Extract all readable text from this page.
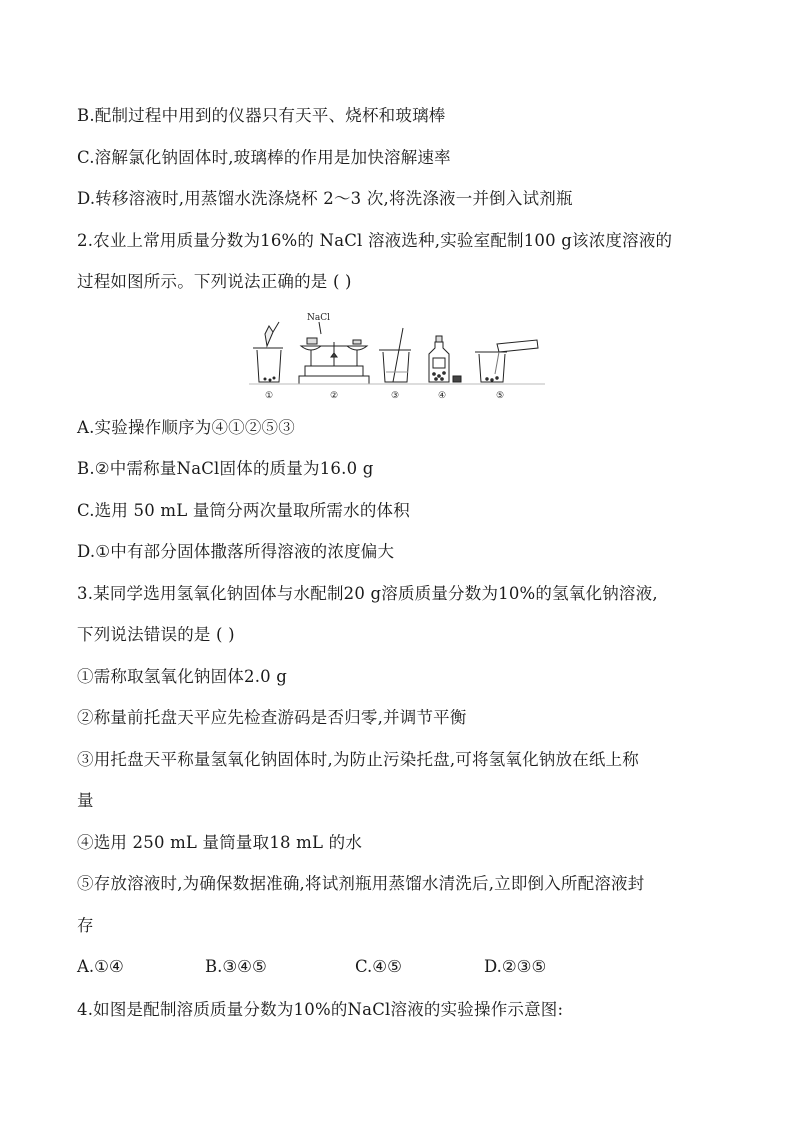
B.配制过程中用到的仪器只有天平、烧杯和玻璃棒
C.溶解氯化钠固体时,玻璃棒的作用是加快溶解速率
D.转移溶液时,用蒸馏水洗涤烧杯 2～3 次,将洗涤液一并倒入试剂瓶
2.农业上常用质量分数为16%的 NaCl 溶液选种,实验室配制100 g该浓度溶液的
过程如图所示。下列说法正确的是 ( )
NaCl
①	②	③	④	⑤
A.实验操作顺序为④①②⑤③
B.②中需称量NaCl固体的质量为16.0 g
C.选用 50 mL 量筒分两次量取所需水的体积
D.①中有部分固体撒落所得溶液的浓度偏大
3.某同学选用氢氧化钠固体与水配制20 g溶质质量分数为10%的氢氧化钠溶液,
下列说法错误的是 ( )
①需称取氢氧化钠固体2.0 g
②称量前托盘天平应先检查游码是否归零,并调节平衡
③用托盘天平称量氢氧化钠固体时,为防止污染托盘,可将氢氧化钠放在纸上称
量
④选用 250 mL 量筒量取18 mL 的水
⑤存放溶液时,为确保数据准确,将试剂瓶用蒸馏水清洗后,立即倒入所配溶液封
存
A.①④	B.③④⑤	C.④⑤	D.②③⑤
4.如图是配制溶质质量分数为10%的NaCl溶液的实验操作示意图:
